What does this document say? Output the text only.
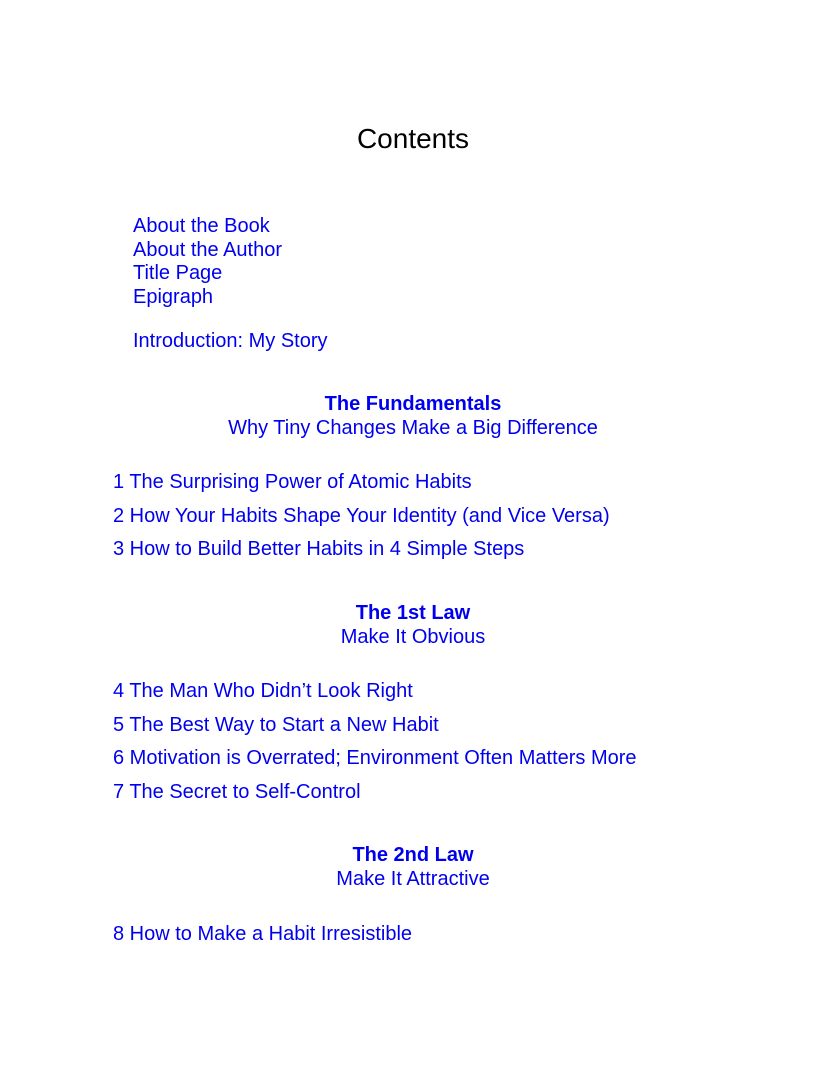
Contents
About the Book
About the Author
Title Page
Epigraph
Introduction: My Story
The Fundamentals
Why Tiny Changes Make a Big Difference
1 The Surprising Power of Atomic Habits
2 How Your Habits Shape Your Identity (and Vice Versa)
3 How to Build Better Habits in 4 Simple Steps
The 1st Law
Make It Obvious
4 The Man Who Didn’t Look Right
5 The Best Way to Start a New Habit
6 Motivation is Overrated; Environment Often Matters More
7 The Secret to Self-Control
The 2nd Law
Make It Attractive
8 How to Make a Habit Irresistible
